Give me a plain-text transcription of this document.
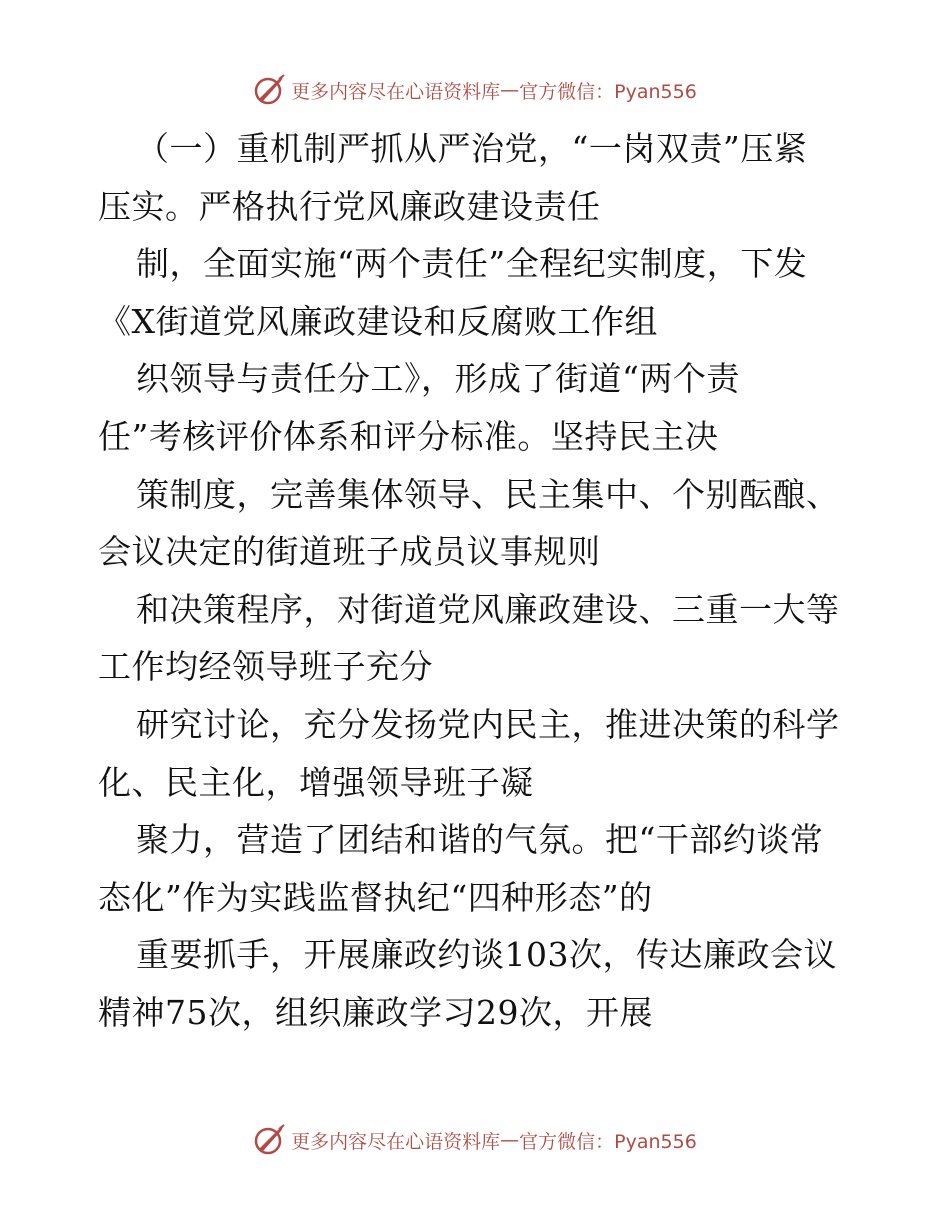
更多内容尽在心语资料库 — 官方微信：Pyan556
（一）重机制严抓从严治党，“一岗双责”压紧
压实。严格执行党风廉政建设责任
制，全面实施“两个责任”全程纪实制度，下发
《X街道党风廉政建设和反腐败工作组
织领导与责任分工》，形成了街道“两个责
任”考核评价体系和评分标准。坚持民主决
策制度，完善集体领导、民主集中、个别酝酿、
会议决定的街道班子成员议事规则
和决策程序，对街道党风廉政建设、三重一大等
工作均经领导班子充分
研究讨论，充分发扬党内民主，推进决策的科学
化、民主化，增强领导班子凝
聚力，营造了团结和谐的气氛。把“干部约谈常
态化”作为实践监督执纪“四种形态”的
重要抓手，开展廉政约谈103次，传达廉政会议
精神75次，组织廉政学习29次，开展
更多内容尽在心语资料库 — 官方微信：Pyan556
